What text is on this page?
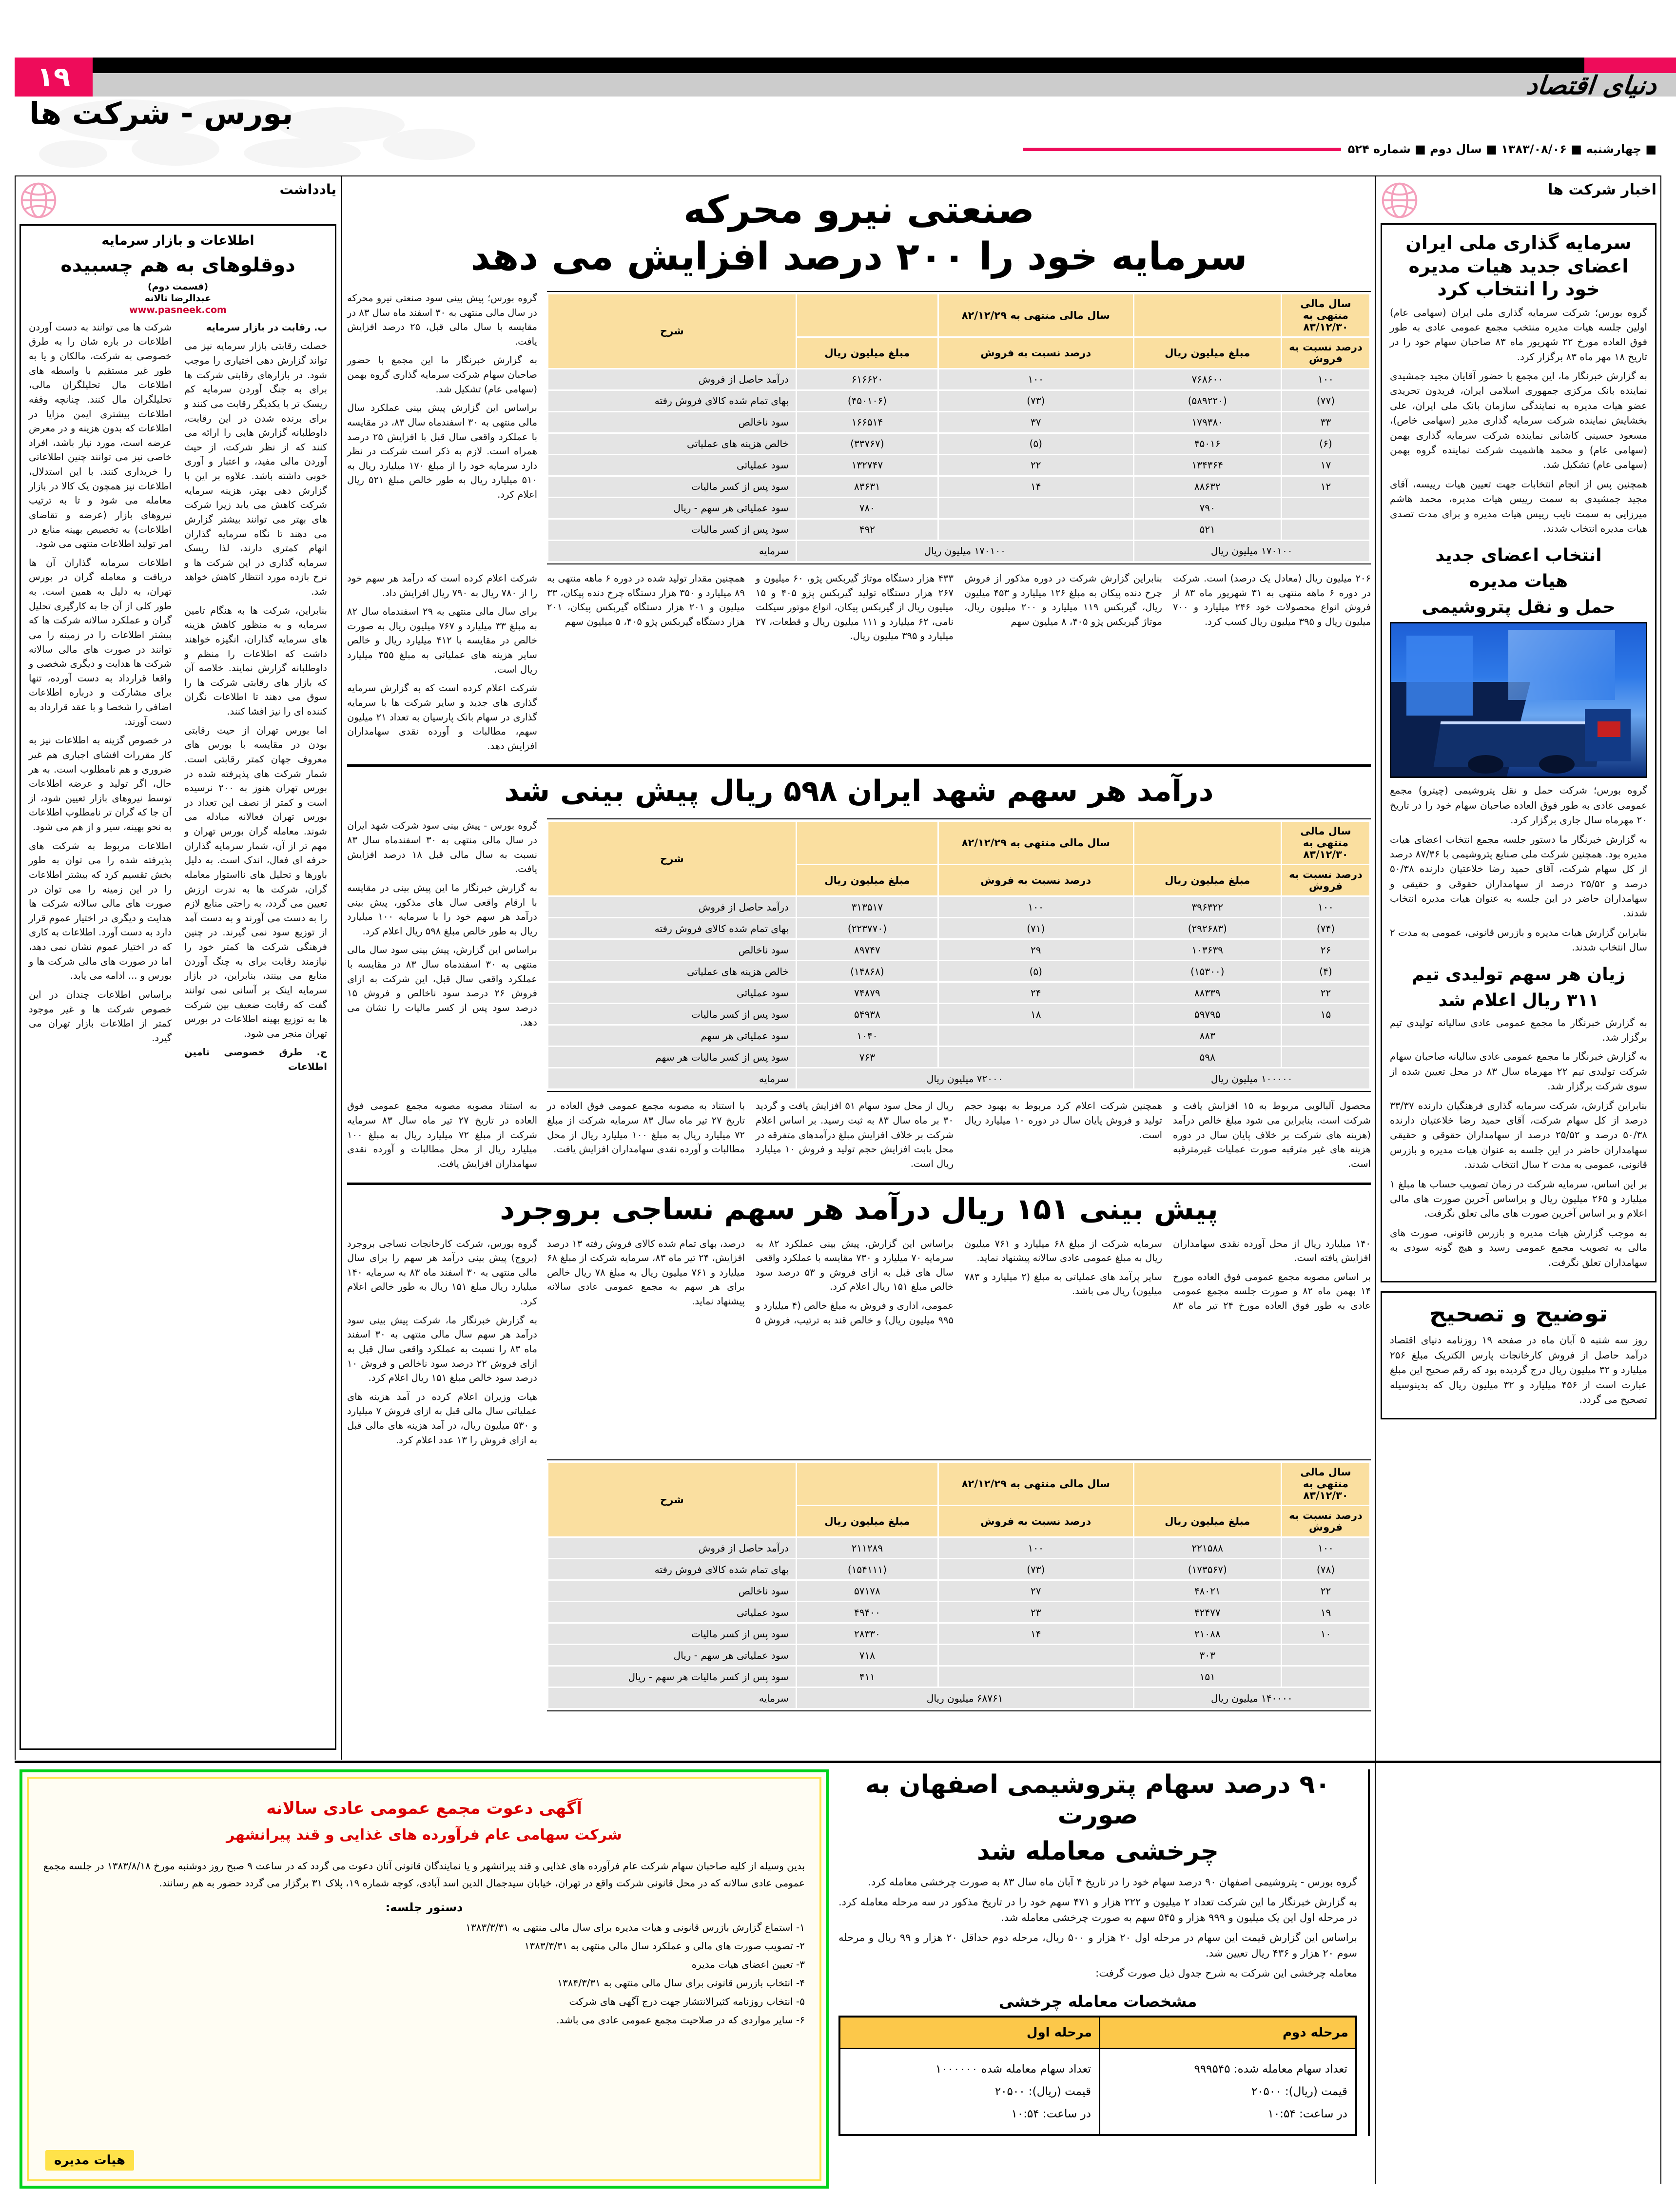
۱۹	دنیای اقتصاد
بورس - شرکت ها
■ چهارشنبه ■ ۱۳۸۳/۰۸/۰۶ ■ سال دوم ■ شماره ۵۲۴
یادداشت
اطلاعات و بازار سرمایه
دوقلوهای به هم چسبیده
(قسمت دوم)
عبدالرضا تالانه
www.pasneek.com

ب. رقابت در بازار سرمایه

خصلت رقابتی بازار سرمایه نیز می تواند گزارش دهی اختیاری را موجب شود. در بازارهای رقابتی شرکت ها برای به چنگ آوردن سرمایه کم ریسک تر با یکدیگر رقابت می کنند و برای برنده شدن در این رقابت، داوطلبانه گزارش هایی را ارائه می کنند که از نظر شرکت، از حیث آوردن مالی مفید، و اعتبار و آوری خوبی داشته باشد. علاوه بر این با گزارش دهی بهتر، هزینه سرمایه شرکت کاهش می یابد زیرا شرکت های بهتر می توانند بیشتر گزارش می دهند تا نگاه سرمایه گذاران انهام کمتری دارند، لذا ریسک سرمایه گذاری در این شرکت ها و نرخ بازده مورد انتظار کاهش خواهد شد.

بنابراین، شرکت ها به هنگام تامین سرمایه و به منظور کاهش هزینه های سرمایه گذاران، انگیزه خواهند داشت که اطلاعات را منظم و داوطلبانه گزارش نمایند. خلاصه آن که بازار های رقابتی شرکت ها را سوق می دهند تا اطلاعات نگران کننده ای را نیز افشا کنند.

اما بورس تهران از حیث رقابتی بودن در مقایسه با بورس های معروف جهان کمتر رقابتی است. شمار شرکت های پذیرفته شده در بورس تهران هنوز به ۲۰۰ نرسیده است و کمتر از نصف این تعداد در بورس تهران فعالانه مبادله می شوند. معامله گران بورس تهران و مهم تر از آن، شمار سرمایه گذاران حرفه ای فعال، اندک است. به دلیل باورها و تحلیل های نااستوار معامله گران، شرکت ها به ندرت ارزش تعیین می گردد، به راحتی منابع لازم را به دست می آورند و به دست آمد از توزیع سود نمی گیرند. در چنین فرهنگی شرکت ها کمتر خود را نیازمند رقابت برای به چنگ آوردن منابع می بینند، بنابراین، در بازار سرمایه اینک بر آسانی نمی توانند گفت که رقابت ضعیف بین شرکت ها به توزیع بهینه اطلاعات در بورس تهران منجر می شود.

ج. طرق خصوصی تامین اطلاعات

شرکت ها می توانند به دست آوردن اطلاعات در باره شان را به طرق خصوصی به شرکت، مالکان و یا به طور غیر مستقیم با واسطه های اطلاعات مال تحلیلگران مالی، تحلیلگران مال کنند. چنانچه وقفه اطلاعات بیشتری ایمن مزایا در اطلاعات که بدون هزینه و در معرض عرضه است، مورد نیاز باشد، افراد خاصی نیز می توانند چنین اطلاعاتی را خریداری کنند. با این استدلال، اطلاعات نیز همچون یک کالا در بازار معامله می شود و تا به ترتیب نیروهای بازار (عرضه و تقاضای اطلاعات) به تخصیص بهینه منابع در امر تولید اطلاعات منتهی می شود.

اطلاعات سرمایه گذاران آن ها دریافت و معامله گران در بورس تهران، به دلیل به همین است. به طور کلی از آن جا به کارگیری تحلیل گران و عملکرد سالانه شرکت ها که بیشتر اطلاعات را در زمینه را می توانند در صورت های مالی سالانه شرکت ها هدایت و دیگری شخصی و واقعا قرارداد به دست آورده، تنها برای مشارکت و درباره اطلاعات اضافی را شخصا و با عقد قرارداد به دست آورند.

در خصوص گزینه به اطلاعات نیز به کار مقررات افشای اجباری هم غیر ضروری و هم نامطلوب است. به هر حال، اگر تولید و عرضه اطلاعات توسط نیروهای بازار تعیین شود، از آن جا که گران تر نامطلوب اطلاعات به نحو بهینه، سیر و از هم می شود.

اطلاعات مربوط به شرکت های پذیرفته شده را می توان به طور بخش تقسیم کرد که بیشتر اطلاعات را در این زمینه را می توان در صورت های مالی سالانه شرکت ها هدایت و دیگری در اختیار عموم قرار دارد به دست آورد. اطلاعات به کاری که در اختیار عموم نشان نمی دهد، اما در صورت های مالی شرکت ها و بورس و ... ادامه می یابد.

براساس اطلاعات چندان در این خصوص شرکت ها و غیر موجود کمتر از اطلاعات بازار تهران می گیرد.

صنعتی نیرو محرکه
سرمایه خود را ۲۰۰ درصد افزایش می دهد
سال مالی منتهی به ۸۳/۱۲/۳۰		سال مالی منتهی به ۸۲/۱۲/۲۹		شرح

درصد نسبت به فروش	مبلغ میلیون ریال	درصد نسبت به فروش	مبلغ میلیون ریال	
۱۰۰	۷۶۸۶۰۰	۱۰۰	۶۱۶۶۲۰	درآمد حاصل از فروش
(۷۷)	(۵۸۹۲۲۰)	(۷۳)	(۴۵۰۱۰۶)	بهای تمام شده کالای فروش رفته
۳۳	۱۷۹۳۸۰	۳۷	۱۶۶۵۱۴	سود ناخالص
(۶)	۴۵۰۱۶	(۵)	(۳۳۷۶۷)	خالص هزینه های عملیاتی
۱۷	۱۳۴۳۶۴	۲۲	۱۳۲۷۴۷	سود عملیاتی
۱۲	۸۸۶۳۲	۱۴	۸۳۶۳۱	سود پس از کسر مالیات
	۷۹۰		۷۸۰	سود عملیاتی هر سهم - ریال
	۵۲۱		۴۹۲	سود پس از کسر مالیات
۱۷۰۱۰۰ میلیون ریال		۱۷۰۱۰۰ میلیون ریال		سرمایه

گروه بورس؛ پیش بینی سود صنعتی نیرو محرکه در سال مالی منتهی به ۳۰ اسفند ماه سال ۸۳ در مقایسه با سال مالی قبل، ۲۵ درصد افزایش یافت.

به گزارش خبرنگار ما این مجمع با حضور صاحبان سهام شرکت سرمایه گذاری گروه بهمن (سهامی عام) تشکیل شد.

براساس این گزارش پیش بینی عملکرد سال مالی منتهی به ۳۰ اسفندماه سال ۸۳، در مقایسه با عملکرد واقعی سال قبل با افزایش ۲۵ درصد همراه است. لازم به ذکر است شرکت در نظر دارد سرمایه خود را از مبلغ ۱۷۰ میلیارد ریال به ۵۱۰ میلیارد ریال به طور خالص مبلغ ۵۲۱ ریال اعلام کرد.

۲۰۶ میلیون ریال (معادل یک درصد) است. شرکت در دوره ۶ ماهه منتهی به ۳۱ شهریور ماه ۸۳ از فروش انواع محصولات خود ۲۴۶ میلیارد و ۷۰۰ میلیون ریال و ۳۹۵ میلیون ریال کسب کرد.

بنابراین گزارش شرکت در دوره مذکور از فروش چرخ دنده پیکان به مبلغ ۱۲۶ میلیارد و ۴۵۳ میلیون ریال، گیربکس ۱۱۹ میلیارد و ۲۰۰ میلیون ریال، موتاژ گیربکس پژو ۴۰۵، ۸ میلیون سهم

۴۳۳ هزار دستگاه موتاژ گیربکس پژو، ۶۰ میلیون و ۲۶۷ هزار دستگاه تولید گیربکس پژو ۴۰۵ و ۱۵ میلیون ریال از گیربکس پیکان، انواع موتور سیکلت نامی، ۶۲ میلیارد و ۱۱۱ میلیون ریال و قطعات، ۲۷ میلیارد و ۳۹۵ میلیون ریال.

همچنین مقدار تولید شده در دوره ۶ ماهه منتهی به ۸۹ میلیارد و ۳۵۰ هزار دستگاه چرخ دنده پیکان، ۳۳ میلیون و ۲۰۱ هزار دستگاه گیربکس پیکان، ۲۰۱ هزار دستگاه گیربکس پژو ۴۰۵، ۵ میلیون سهم

شرکت اعلام کرده است که درآمد هر سهم خود را از ۷۸۰ ریال به ۷۹۰ ریال افزایش داد.

برای سال مالی منتهی به ۲۹ اسفندماه سال ۸۲ به مبلغ ۳۳ میلیارد و ۷۶۷ میلیون ریال به صورت خالص در مقایسه با ۴۱۲ میلیارد ریال و خالص سایر هزینه های عملیاتی به مبلغ ۳۵۵ میلیارد ریال است.

شرکت اعلام کرده است که به گزارش سرمایه گذاری های جدید و سایر شرکت ها با سرمایه گذاری در سهام بانک پارسیان به تعداد ۲۱ میلیون سهم، مطالبات و آورده نقدی سهامداران افزایش دهد.

درآمد هر سهم شهد ایران ۵۹۸ ریال پیش بینی شد
سال مالی منتهی به ۸۳/۱۲/۳۰		سال مالی منتهی به ۸۲/۱۲/۲۹		شرح

درصد نسبت به فروش	مبلغ میلیون ریال	درصد نسبت به فروش	مبلغ میلیون ریال	
۱۰۰	۳۹۶۳۲۲	۱۰۰	۳۱۳۵۱۷	درآمد حاصل از فروش
(۷۴)	(۲۹۲۶۸۳)	(۷۱)	(۲۲۳۷۷۰)	بهای تمام شده کالای فروش رفته
۲۶	۱۰۳۶۳۹	۲۹	۸۹۷۴۷	سود ناخالص
(۴)	(۱۵۳۰۰)	(۵)	(۱۴۸۶۸)	خالص هزینه های عملیاتی
۲۲	۸۸۳۳۹	۲۴	۷۴۸۷۹	سود عملیاتی
۱۵	۵۹۷۹۵	۱۸	۵۴۹۳۸	سود پس از کسر مالیات
	۸۸۳		۱۰۴۰	سود عملیاتی هر سهم
	۵۹۸		۷۶۳	سود پس از کسر مالیات هر سهم
۱۰۰۰۰۰ میلیون ریال		۷۲۰۰۰ میلیون ریال		سرمایه

گروه بورس - پیش بینی سود شرکت شهد ایران در سال مالی منتهی به ۳۰ اسفندماه سال ۸۳ نسبت به سال مالی قبل ۱۸ درصد افزایش یافت.

به گزارش خبرنگار ما این پیش بینی در مقایسه با ارقام واقعی سال های مذکور، پیش بینی درآمد هر سهم خود را با سرمایه ۱۰۰ میلیارد ریال به طور خالص مبلغ ۵۹۸ ریال اعلام کرد.

براساس این گزارش، پیش بینی سود سال مالی منتهی به ۳۰ اسفندماه سال ۸۳ در مقایسه با عملکرد واقعی سال قبل، این شرکت به ازای فروش ۲۶ درصد سود ناخالص و فروش ۱۵ درصد سود پس از کسر مالیات را نشان می دهد.

محصول آلبالویی مربوط به ۱۵ افزایش یافت و شرکت است، بنابراین می شود مبلغ خالص درآمد (هزینه های شرکت بر خلاف پایان سال در دوره هزینه های غیر مترقبه صورت عملیات غیرمترقبه است.

همچنین شرکت اعلام کرد مربوط به بهبود حجم تولید و فروش پایان سال در دوره ۱۰ میلیارد ریال است.

ریال از محل سود سهام ۵۱ افزایش یافت و گردید ۳۰ بر ماه سال ۸۳ به ثبت رسید. بر اساس اعلام شرکت بر خلاف افزایش مبلغ درآمدهای متفرقه در محل بابت افزایش حجم تولید و فروش ۱۰ میلیارد ریال است.

با استناد به مصوبه مجمع عمومی فوق العاده در تاریخ ۲۷ تیر ماه سال ۸۳ سرمایه شرکت از مبلغ ۷۲ میلیارد ریال به مبلغ ۱۰۰ میلیارد ریال از محل مطالبات و آورده نقدی سهامداران افزایش یافت.

به استناد مصوبه مصوبه مجمع عمومی فوق العاده در تاریخ ۲۷ تیر ماه سال ۸۳ سرمایه شرکت از مبلغ ۷۲ میلیارد ریال به مبلغ ۱۰۰ میلیارد ریال از محل مطالبات و آورده نقدی سهامداران افزایش یافت.

پیش بینی ۱۵۱ ریال درآمد هر سهم نساجی بروجرد

۱۴۰ میلیارد ریال از محل آورده نقدی سهامداران افزایش یافته است.

بر اساس مصوبه مجمع عمومی فوق العاده مورخ ۱۴ بهمن ماه ۸۲ و صورت جلسه مجمع عمومی عادی به طور فوق العاده مورخ ۲۴ تیر ماه ۸۳ سرمایه شرکت از مبلغ ۶۸ میلیارد و ۷۶۱ میلیون ریال به مبلغ عمومی عادی سالانه پیشنهاد نماید.

سایر پرآمد های عملیاتی به مبلغ (۲ میلیارد و ۷۸۳ میلیون) ریال می باشد.

براساس این گزارش، پیش بینی عملکرد ۸۲ به سرمایه ۷۰ میلیارد و ۷۳۰ مقایسه با عملکرد واقعی سال های قبل به ازای فروش و ۵۳ درصد سود خالص مبلغ ۱۵۱ ریال اعلام کرد.

عمومی، اداری و فروش به مبلغ خالص (۴ میلیارد و ۹۹۵ میلیون ریال) و خالص قند به ترتیب، فروش ۵ درصد، بهای تمام شده کالای فروش رفته ۱۳ درصد افزایش، ۲۴ تیر ماه ۸۳، سرمایه شرکت از مبلغ ۶۸ میلیارد و ۷۶۱ میلیون ریال به مبلغ ۷۸ ریال خالص برای هر سهم به مجمع عمومی عادی سالانه پیشنهاد نماید.

گروه بورس، شرکت کارخانجات نساجی بروجرد (بروج) پیش بینی درآمد هر سهم را برای سال مالی منتهی به ۳۰ اسفند ماه ۸۳ به سرمایه ۱۴۰ میلیارد ریال مبلغ ۱۵۱ ریال به طور خالص اعلام کرد.

به گزارش خبرنگار ما، شرکت پیش بینی سود درآمد هر سهم سال مالی منتهی به ۳۰ اسفند ماه ۸۳ را نسبت به عملکرد واقعی سال قبل به ازای فروش ۲۲ درصد سود ناخالص و فروش ۱۰ درصد سود خالص مبلغ ۱۵۱ ریال اعلام کرد.

هیات وزیران اعلام کرده در آمد هزینه های عملیاتی سال مالی قبل به ازای فروش ۷ میلیارد و ۵۳۰ میلیون ریال، در آمد هزینه های مالی قبل به ازای فروش را ۱۳ عدد اعلام کرد.

سال مالی منتهی به ۸۳/۱۲/۳۰		سال مالی منتهی به ۸۲/۱۲/۲۹		شرح

درصد نسبت به فروش	مبلغ میلیون ریال	درصد نسبت به فروش	مبلغ میلیون ریال	
۱۰۰	۲۲۱۵۸۸	۱۰۰	۲۱۱۲۸۹	درآمد حاصل از فروش
(۷۸)	(۱۷۳۵۶۷)	(۷۳)	(۱۵۴۱۱۱)	بهای تمام شده کالای فروش رفته
۲۲	۴۸۰۲۱	۲۷	۵۷۱۷۸	سود ناخالص
۱۹	۴۲۴۷۷	۲۳	۴۹۴۰۰	سود عملیاتی
۱۰	۲۱۰۸۸	۱۴	۲۸۳۳۰	سود پس از کسر مالیات
	۳۰۳		۷۱۸	سود عملیاتی هر سهم - ریال
	۱۵۱		۴۱۱	سود پس از کسر مالیات هر سهم - ریال
۱۴۰۰۰۰ میلیون ریال		۶۸۷۶۱ میلیون ریال		سرمایه
۹۰ درصد سهام پتروشیمی اصفهان به صورت
چرخشی معامله شد

گروه بورس - پتروشیمی اصفهان ۹۰ درصد سهام خود را در تاریخ ۴ آبان ماه سال ۸۳ به صورت چرخشی معامله کرد.

به گزارش خبرنگار ما این شرکت تعداد ۲ میلیون و ۲۲۲ هزار و ۴۷۱ سهم خود را در تاریخ مذکور در سه مرحله معامله کرد. در مرحله اول این یک میلیون و ۹۹۹ هزار و ۵۴۵ سهم به صورت چرخشی معامله شد.

براساس این گزارش قیمت این سهام در مرحله اول ۲۰ هزار و ۵۰۰ ریال، مرحله دوم حداقل ۲۰ هزار و ۹۹ ریال و مرحله سوم ۲۰ هزار و ۴۳۶ ریال تعیین شد.

معامله چرخشی این شرکت به شرح جدول ذیل صورت گرفت:

مشخصات معامله چرخشی
مرحله دوم	مرحله اول

تعداد سهام معامله شده: ۹۹۹۵۴۵
قیمت (ریال): ۲۰۵۰۰
در ساعت: ۱۰:۵۴

تعداد سهام معامله شده ۱۰۰۰۰۰۰
قیمت (ریال): ۲۰۵۰۰
در ساعت: ۱۰:۵۴
آگهی دعوت مجمع عمومی عادی سالانه
شرکت سهامی عام فرآورده های غذایی و قند پیرانشهر

بدین وسیله از کلیه صاحبان سهام شرکت عام فرآورده های غذایی و قند پیرانشهر و یا نمایندگان قانونی آنان دعوت می گردد که در ساعت ۹ صبح روز دوشنبه مورخ ۱۳۸۳/۸/۱۸ در جلسه مجمع عمومی عادی سالانه که در محل قانونی شرکت واقع در تهران، خیابان سیدجمال الدین اسد آبادی، کوچه شماره ۱۹، پلاک ۳۱ برگزار می گردد حضور به هم رسانند.

دستور جلسه:
۱- استماع گزارش بازرس قانونی و هیات مدیره برای سال مالی منتهی به ۱۳۸۳/۳/۳۱
۲- تصویب صورت های مالی و عملکرد سال مالی منتهی به ۱۳۸۳/۳/۳۱
۳- تعیین اعضای هیات مدیره
۴- انتخاب بازرس قانونی برای سال مالی منتهی به ۱۳۸۴/۳/۳۱
۵- انتخاب روزنامه کثیرالانتشار جهت درج آگهی های شرکت
۶- سایر مواردی که در صلاحیت مجمع عمومی عادی می باشد.
هیات مدیره
اخبار شرکت ها
سرمایه گذاری ملی ایران اعضای جدید هیات مدیره خود را انتخاب کرد

گروه بورس؛ شرکت سرمایه گذاری ملی ایران (سهامی عام) اولین جلسه هیات مدیره منتخب مجمع عمومی عادی به طور فوق العاده مورخ ۲۲ شهریور ماه ۸۳ صاحبان سهام خود را در تاریخ ۱۸ مهر ماه ۸۳ برگزار کرد.

به گزارش خبرنگار ما، این مجمع با حضور آقایان مجید جمشیدی نماینده بانک مرکزی جمهوری اسلامی ایران، فریدون تحریدی عضو هیات مدیره به نمایندگی سازمان بانک ملی ایران، علی بخشایش نماینده شرکت سرمایه گذاری مدیر (سهامی خاص)، مسعود حسینی کاشانی نماینده شرکت سرمایه گذاری بهمن (سهامی عام) و محمد هاشمیت شرکت نماینده گروه بهمن (سهامی عام) تشکیل شد.

همچنین پس از انجام انتخابات جهت تعیین هیات رییسه، آقای مجید جمشیدی به سمت رییس هیات مدیره، محمد هاشم میرزایی به سمت نایب رییس هیات مدیره و برای مدت تصدی هیات مدیره انتخاب شدند.

انتخاب اعضای جدید
هیات مدیره
حمل و نقل پتروشیمی

گروه بورس؛ شرکت حمل و نقل پتروشیمی (چیترو) مجمع عمومی عادی به طور فوق العاده صاحبان سهام خود را در تاریخ ۲۰ مهرماه سال جاری برگزار کرد.

به گزارش خبرنگار ما دستور جلسه مجمع انتخاب اعضای هیات مدیره بود. همچنین شرکت ملی صنایع پتروشیمی با ۸۷/۳۶ درصد از کل سهام شرکت، آقای حمید رضا خلاعتیان دارنده ۵۰/۳۸ درصد و ۲۵/۵۲ درصد از سهامداران حقوقی و حقیقی و سهامداران حاضر در این جلسه به عنوان هیات مدیره انتخاب شدند.

بنابراین گزارش هیات مدیره و بازرس قانونی، عمومی به مدت ۲ سال انتخاب شدند.

زیان هر سهم تولیدی تیم
۳۱۱ ریال اعلام شد

به گزارش خبرنگار ما مجمع عمومی عادی سالیانه تولیدی تیم برگزار شد.

به گزارش خبرنگار ما مجمع عمومی عادی سالیانه صاحبان سهام شرکت تولیدی تیم ۲۲ مهرماه سال ۸۳ در محل تعیین شده از سوی شرکت برگزار شد.

بنابراین گزارش، شرکت سرمایه گذاری فرهنگیان دارنده ۳۳/۳۷ درصد از کل سهام شرکت، آقای حمید رضا خلاعتیان دارنده ۵۰/۳۸ درصد و ۲۵/۵۲ درصد از سهامداران حقوقی و حقیقی سهامداران حاضر در این جلسه به عنوان هیات مدیره و بازرس قانونی، عمومی به مدت ۲ سال انتخاب شدند.

بر این اساس، سرمایه شرکت در زمان تصویب حساب ها مبلغ ۱ میلیارد و ۲۶۵ میلیون ریال و براساس آخرین صورت های مالی اعلام و بر اساس آخرین صورت های مالی تعلق نگرفت.

به موجب گزارش هیات مدیره و بازرس قانونی، صورت های مالی به تصویب مجمع عمومی رسید و هیچ گونه سودی به سهامداران تعلق نگرفت.

توضیح و تصحیح

روز سه شنبه ۵ آبان ماه در صفحه ۱۹ روزنامه دنیای اقتصاد درآمد حاصل از فروش کارخانجات پارس الکتریک مبلغ ۲۵۶ میلیارد و ۳۲ میلیون ریال درج گردیده بود که رقم صحیح این مبلغ عبارت است از ۴۵۶ میلیارد و ۳۲ میلیون ریال که بدینوسیله تصحیح می گردد.
